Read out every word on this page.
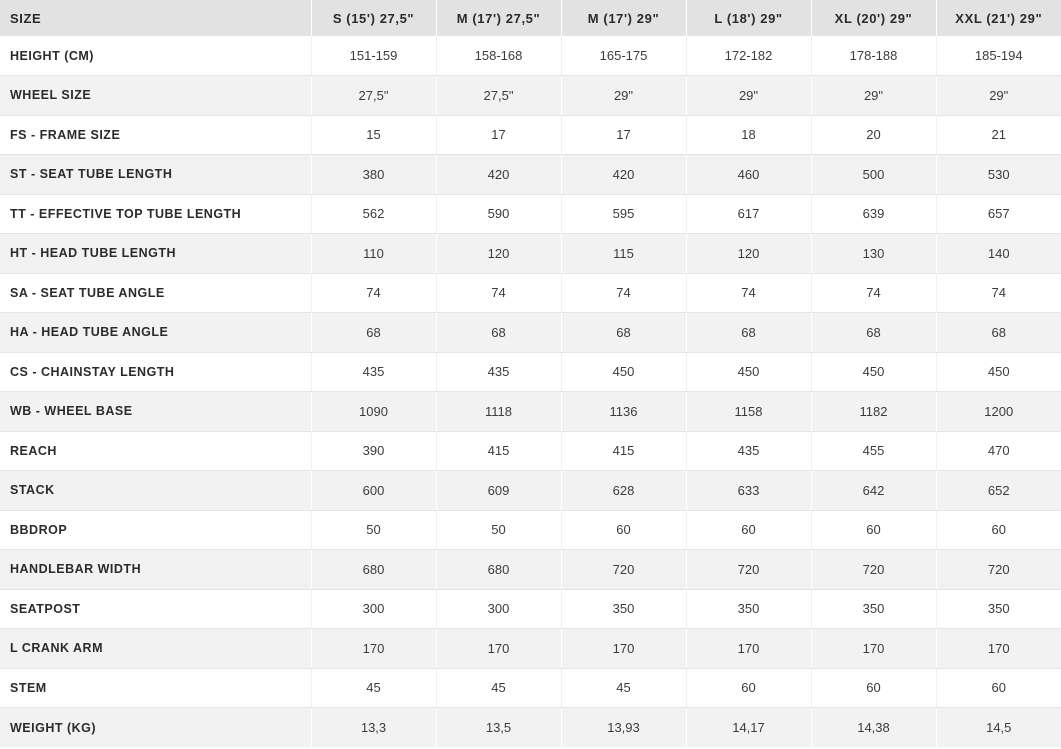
SIZE	S (15') 27,5"	M (17') 27,5"	M (17') 29"	L (18') 29"	XL (20') 29"	XXL (21') 29"
HEIGHT (CM)	151-159	158-168	165-175	172-182	178-188	185-194
WHEEL SIZE	27,5"	27,5"	29"	29"	29"	29"
FS - FRAME SIZE	15	17	17	18	20	21
ST - SEAT TUBE LENGTH	380	420	420	460	500	530
TT - EFFECTIVE TOP TUBE LENGTH	562	590	595	617	639	657
HT - HEAD TUBE LENGTH	110	120	115	120	130	140
SA - SEAT TUBE ANGLE	74	74	74	74	74	74
HA - HEAD TUBE ANGLE	68	68	68	68	68	68
CS - CHAINSTAY LENGTH	435	435	450	450	450	450
WB - WHEEL BASE	1090	1118	1136	1158	1182	1200
REACH	390	415	415	435	455	470
STACK	600	609	628	633	642	652
BBDROP	50	50	60	60	60	60
HANDLEBAR WIDTH	680	680	720	720	720	720
SEATPOST	300	300	350	350	350	350
L CRANK ARM	170	170	170	170	170	170
STEM	45	45	45	60	60	60
WEIGHT (KG)	13,3	13,5	13,93	14,17	14,38	14,5
